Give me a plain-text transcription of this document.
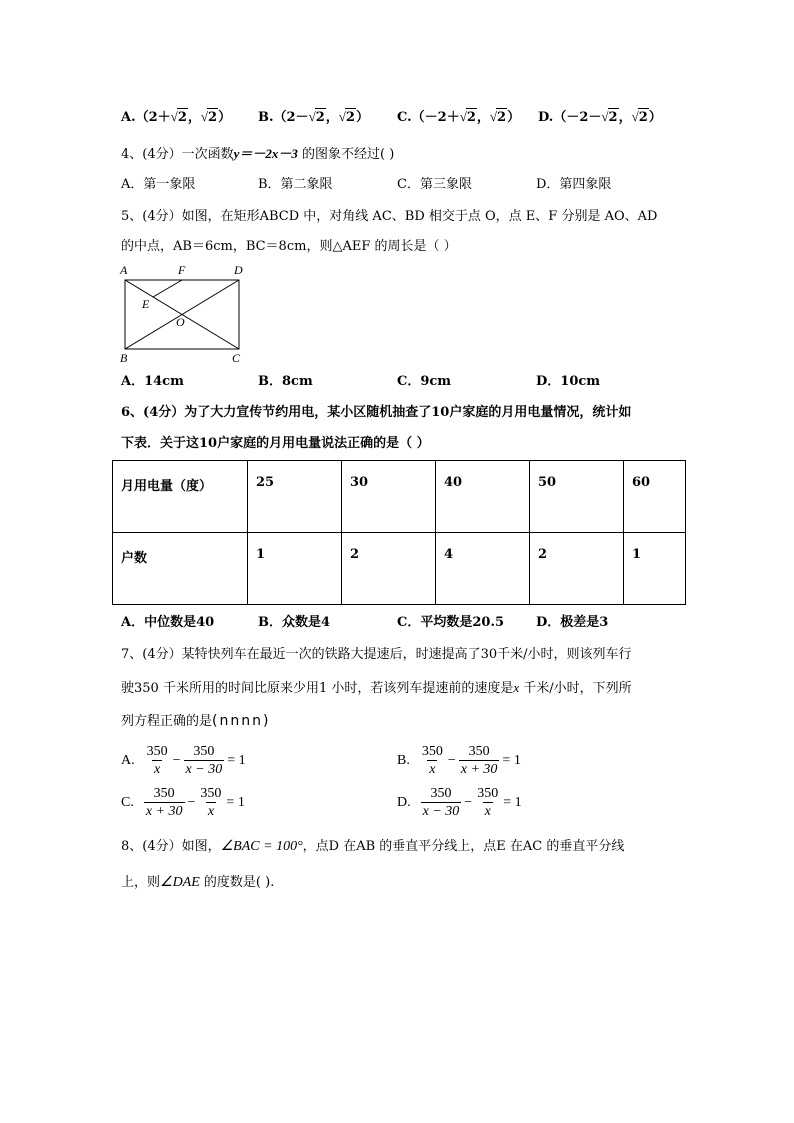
A.（2＋√2，√2） B.（2－√2，√2） C.（－2＋√2，√2） D.（－2－√2，√2）
4、(4分）一次函数y＝－2x－3 的图象不经过( )
A．第一象限	B．第二象限	C．第三象限	D．第四象限
5、(4分）如图，在矩形ABCD 中，对角线 AC、BD 相交于点 O，点 E、F 分别是 AO、AD
的中点，AB＝6cm，BC＝8cm，则△AEF 的周长是（ ）
A	F	D
E
O
B	C
A．14cm	B．8cm	C．9cm	D．10cm
6、(4分）为了大力宣传节约用电，某小区随机抽查了10户家庭的月用电量情况，统计如
下表．关于这10户家庭的月用电量说法正确的是（ ）
月用电量（度）	25	30	40	50	60
户数	1	2	4	2	1
A．中位数是40	B．众数是4	C．平均数是20.5 D．极差是3
7、(4分）某特快列车在最近一次的铁路大提速后，时速提高了30千米/小时，则该列车行
驶350 千米所用的时间比原来少用1 小时，若该列车提速前的速度是x 千米/小时，下列所
列方程正确的是(nnnn)
A. $\frac{350}{x} - \frac{350}{x - 30} = 1$	B. $\frac{350}{x} - \frac{350}{x + 30} = 1$
C. $\frac{350}{x + 30} - \frac{350}{x} = 1$	D. $\frac{350}{x - 30} - \frac{350}{x} = 1$
8、(4分）如图，∠BAC = 100°，点D 在AB 的垂直平分线上，点E 在AC 的垂直平分线
上，则∠DAE 的度数是( ).
